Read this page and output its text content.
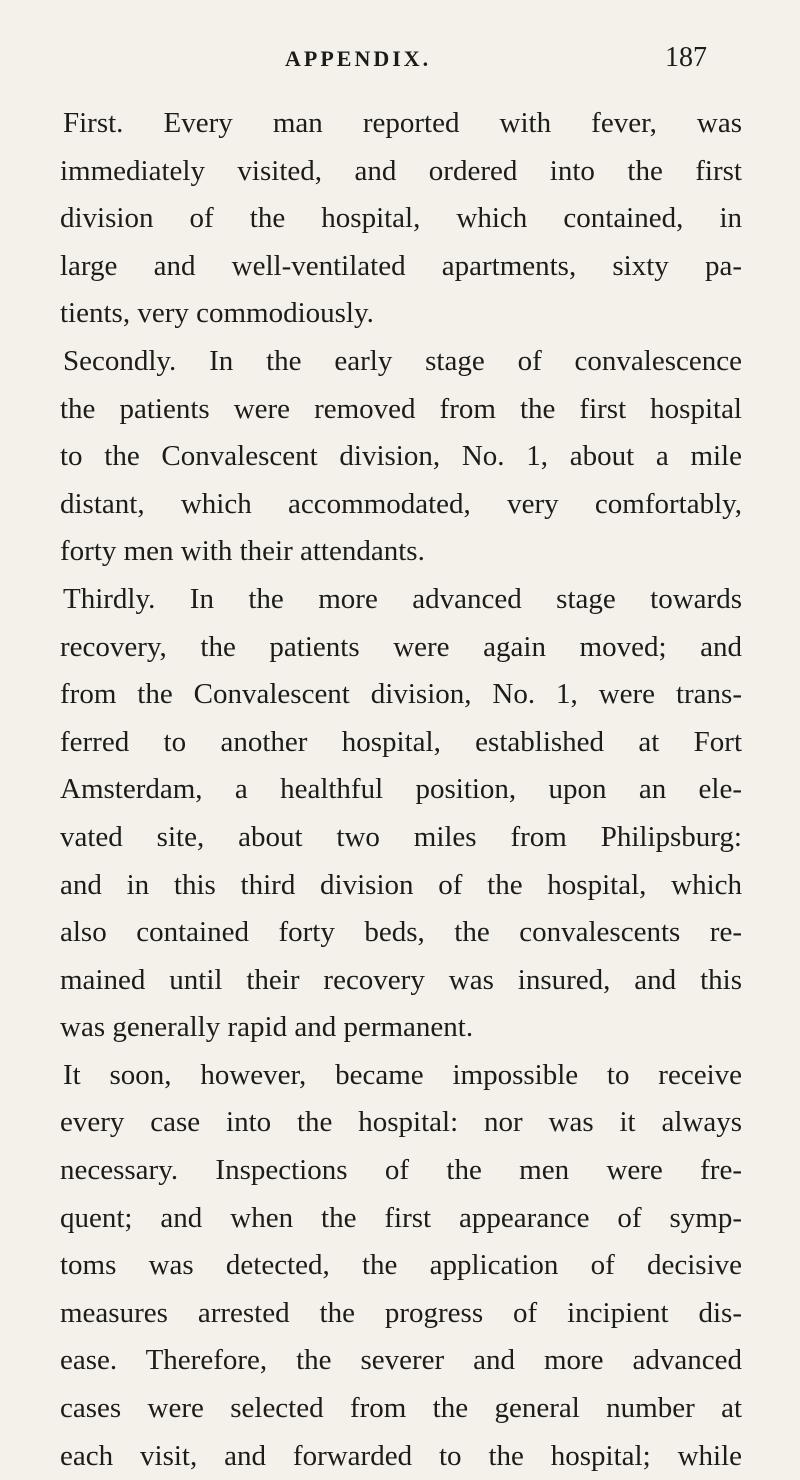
APPENDIX.	187
First. Every man reported with fever, was
immediately visited, and ordered into the first
division of the hospital, which contained, in
large and well-ventilated apartments, sixty pa-
tients, very commodiously.
Secondly. In the early stage of convalescence
the patients were removed from the first hospital
to the Convalescent division, No. 1, about a mile
distant, which accommodated, very comfortably,
forty men with their attendants.
Thirdly. In the more advanced stage towards
recovery, the patients were again moved; and
from the Convalescent division, No. 1, were trans-
ferred to another hospital, established at Fort
Amsterdam, a healthful position, upon an ele-
vated site, about two miles from Philipsburg:
and in this third division of the hospital, which
also contained forty beds, the convalescents re-
mained until their recovery was insured, and this
was generally rapid and permanent.
It soon, however, became impossible to receive
every case into the hospital: nor was it always
necessary. Inspections of the men were fre-
quent; and when the first appearance of symp-
toms was detected, the application of decisive
measures arrested the progress of incipient dis-
ease. Therefore, the severer and more advanced
cases were selected from the general number at
each visit, and forwarded to the hospital; while
